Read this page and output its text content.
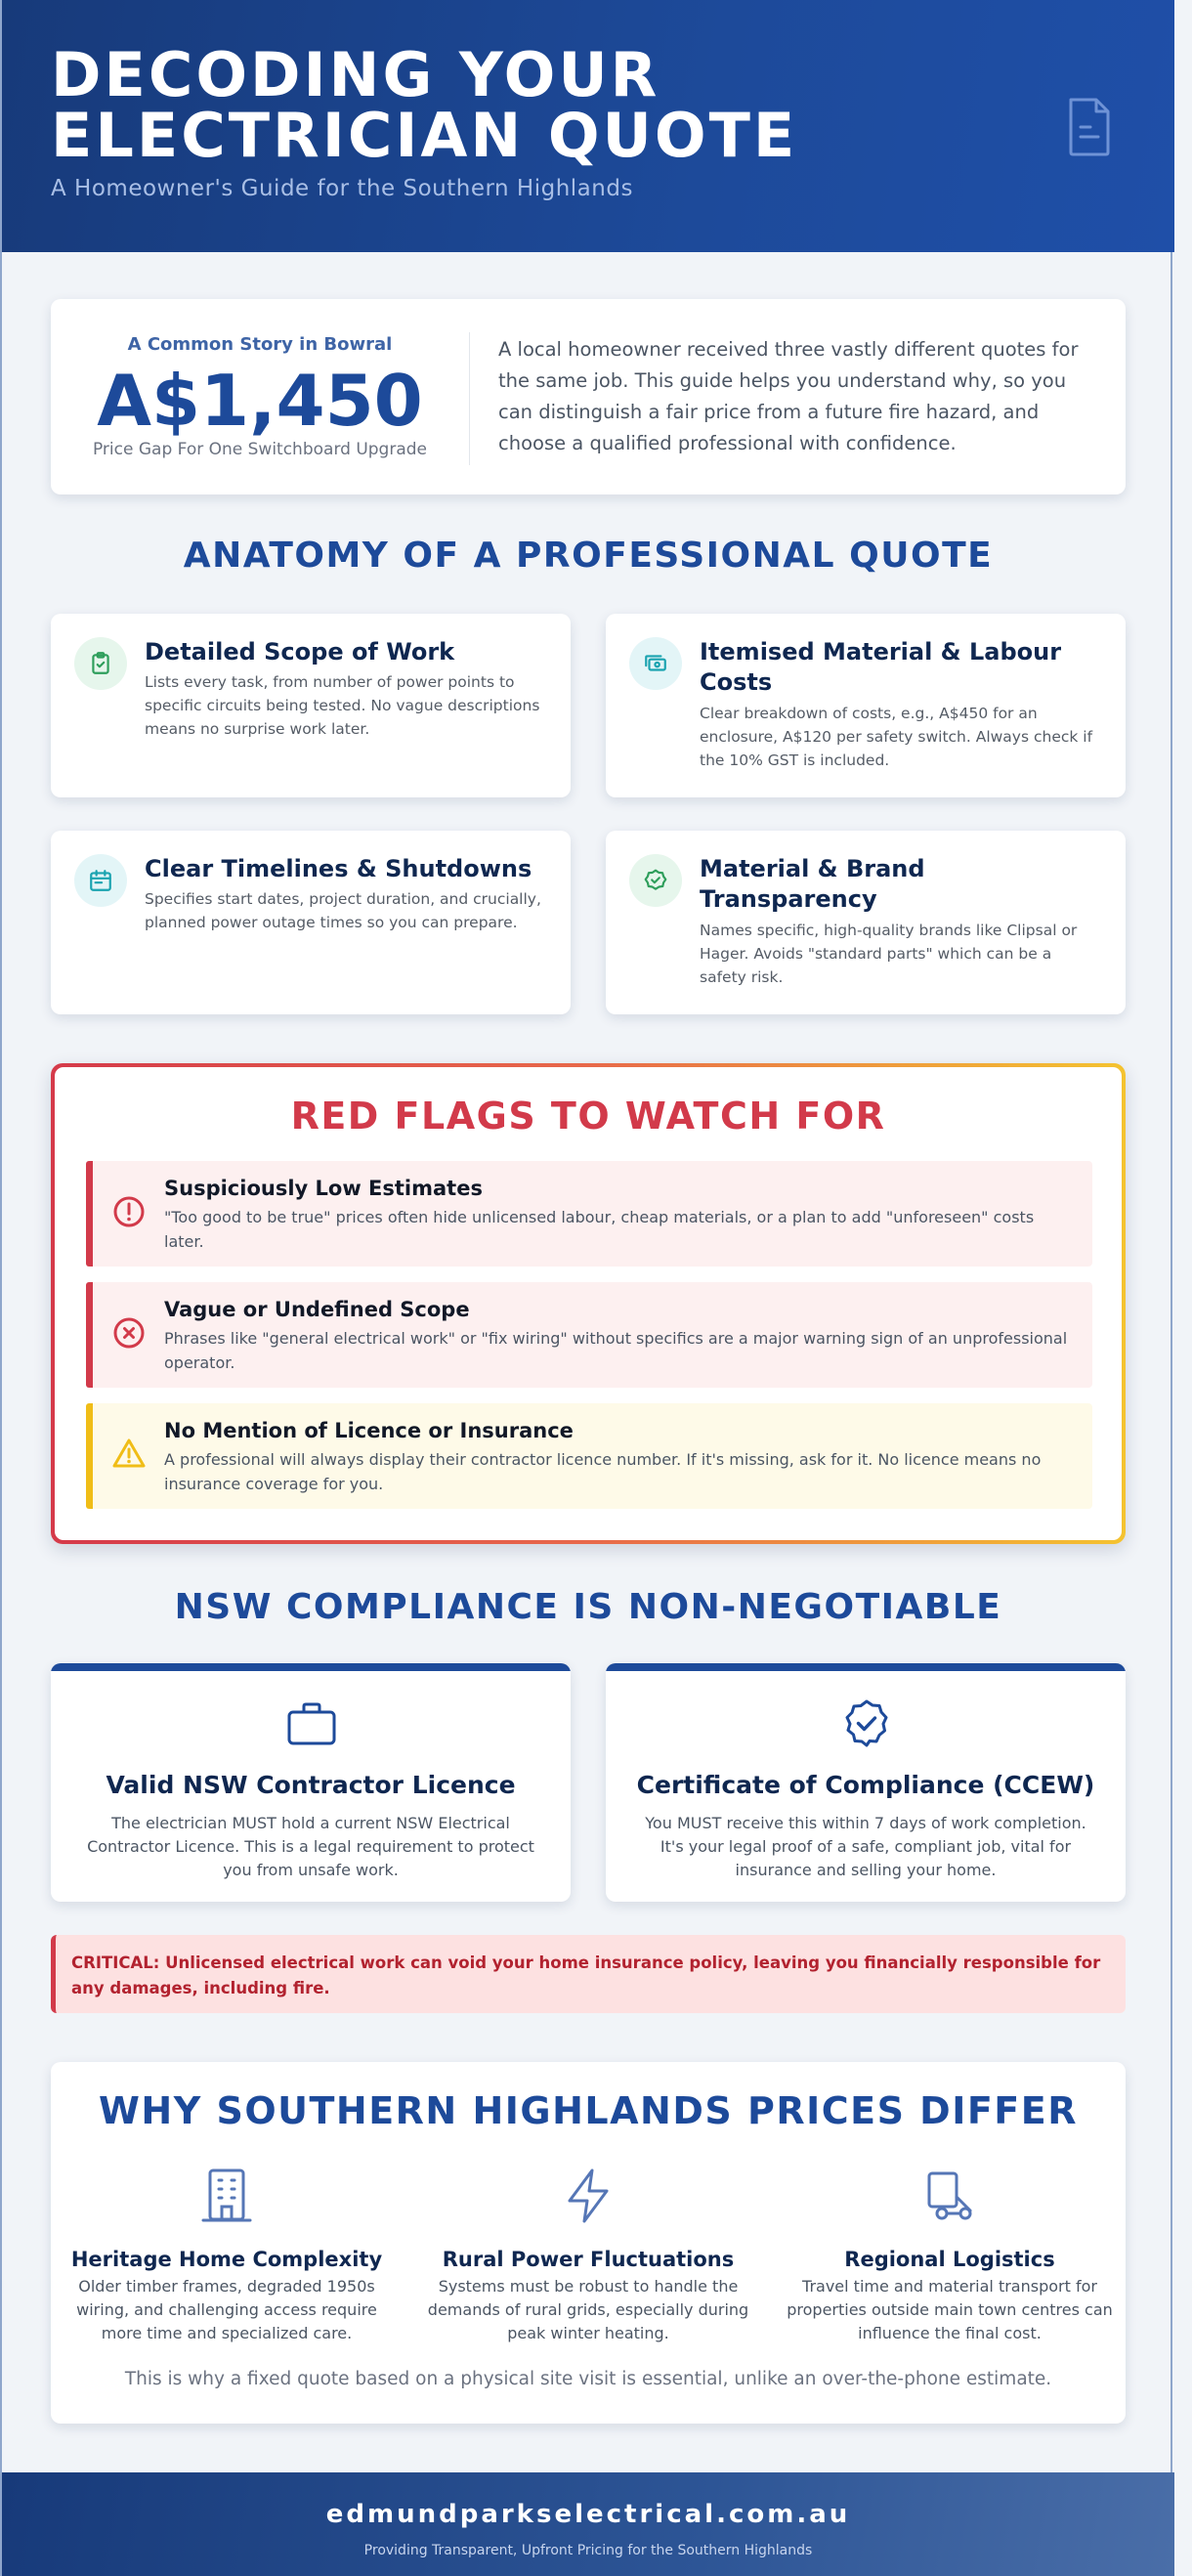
DECODING YOUR
ELECTRICIAN QUOTE
A Homeowner's Guide for the Southern Highlands
A Common Story in Bowral
A$1,450
Price Gap For One Switchboard Upgrade
A local homeowner received three vastly different quotes for the same job. This guide helps you understand why, so you can distinguish a fair price from a future fire hazard, and choose a qualified professional with confidence.
ANATOMY OF A PROFESSIONAL QUOTE
Detailed Scope of Work
Lists every task, from number of power points to specific circuits being tested. No vague descriptions means no surprise work later.
Itemised Material & Labour Costs
Clear breakdown of costs, e.g., A$450 for an enclosure, A$120 per safety switch. Always check if the 10% GST is included.
Clear Timelines & Shutdowns
Specifies start dates, project duration, and crucially, planned power outage times so you can prepare.
Material & Brand Transparency
Names specific, high-quality brands like Clipsal or Hager. Avoids "standard parts" which can be a safety risk.
RED FLAGS TO WATCH FOR
Suspiciously Low Estimates
"Too good to be true" prices often hide unlicensed labour, cheap materials, or a plan to add "unforeseen" costs later.
Vague or Undefined Scope
Phrases like "general electrical work" or "fix wiring" without specifics are a major warning sign of an unprofessional operator.
No Mention of Licence or Insurance
A professional will always display their contractor licence number. If it's missing, ask for it. No licence means no insurance coverage for you.
NSW COMPLIANCE IS NON-NEGOTIABLE
Valid NSW Contractor Licence
The electrician MUST hold a current NSW Electrical Contractor Licence. This is a legal requirement to protect you from unsafe work.
Certificate of Compliance (CCEW)
You MUST receive this within 7 days of work completion. It's your legal proof of a safe, compliant job, vital for insurance and selling your home.
CRITICAL: Unlicensed electrical work can void your home insurance policy, leaving you financially responsible for any damages, including fire.
WHY SOUTHERN HIGHLANDS PRICES DIFFER
Heritage Home Complexity
Older timber frames, degraded 1950s wiring, and challenging access require more time and specialized care.
Rural Power Fluctuations
Systems must be robust to handle the demands of rural grids, especially during peak winter heating.
Regional Logistics
Travel time and material transport for properties outside main town centres can influence the final cost.
This is why a fixed quote based on a physical site visit is essential, unlike an over-the-phone estimate.
edmundparkselectrical.com.au
Providing Transparent, Upfront Pricing for the Southern Highlands
